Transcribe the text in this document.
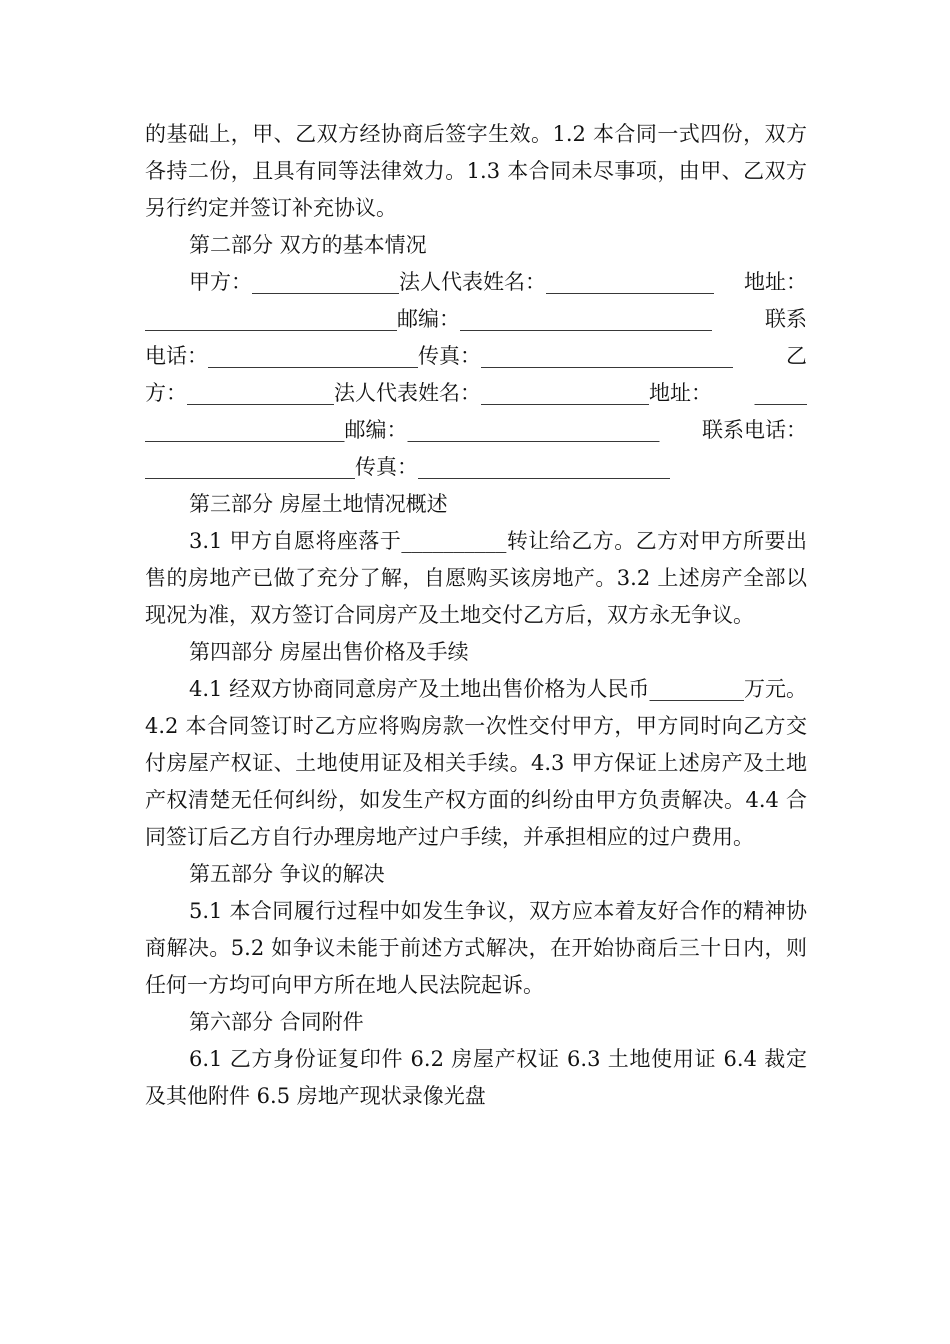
的基础上，甲、乙双方经协商后签字生效。1.2 本合同一式四份，双方各持二份，且具有同等法律效力。1.3 本合同未尽事项，由甲、乙双方另行约定并签订补充协议。

第二部分 双方的基本情况

甲方：______________法人代表姓名：________________ 地址：
________________________邮编：________________________	联系
电话：____________________传真：________________________	乙
方：______________法人代表姓名：________________地址： _____
___________________邮编：________________________ 联系电话：
____________________传真：________________________

第三部分 房屋土地情况概述

3.1 甲方自愿将座落于__________转让给乙方。乙方对甲方所要出售的房地产已做了充分了解，自愿购买该房地产。3.2 上述房产全部以现况为准，双方签订合同房产及土地交付乙方后，双方永无争议。

第四部分 房屋出售价格及手续

4.1 经双方协商同意房产及土地出售价格为人民币_________万元。4.2 本合同签订时乙方应将购房款一次性交付甲方，甲方同时向乙方交付房屋产权证、土地使用证及相关手续。4.3 甲方保证上述房产及土地产权清楚无任何纠纷，如发生产权方面的纠纷由甲方负责解决。4.4 合同签订后乙方自行办理房地产过户手续，并承担相应的过户费用。

第五部分 争议的解决

5.1 本合同履行过程中如发生争议，双方应本着友好合作的精神协商解决。5.2 如争议未能于前述方式解决，在开始协商后三十日内，则任何一方均可向甲方所在地人民法院起诉。

第六部分 合同附件

6.1 乙方身份证复印件 6.2 房屋产权证 6.3 土地使用证 6.4 裁定及其他附件 6.5 房地产现状录像光盘
